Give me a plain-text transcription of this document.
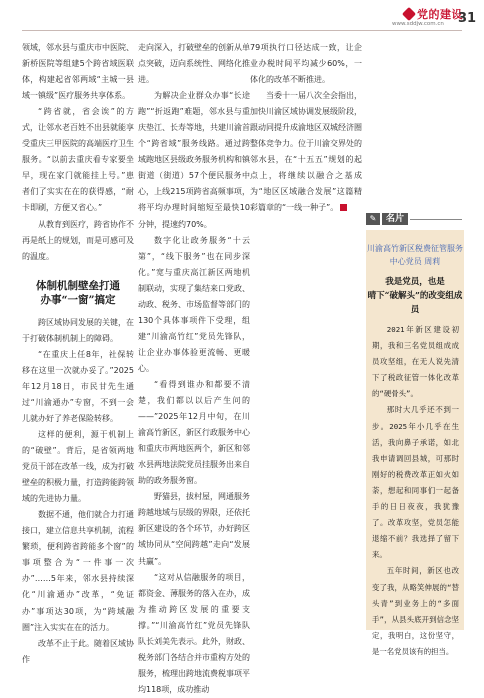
党的建设
www.sddjw.com.cn 31

领域，邻水县与重庆市中医院、新桥医院等组建5个跨省域医联体，构建起省邻两域“主城一县域一镇级”医疗服务共享体系。

“跨省就，省会诶”的方式，让邻水老百姓不出县就能享受重庆三甲医院的高端医疗卫生服务。“以前去重庆看专家要坐早，现在家门就能挂上号。”患者们了实实在在的获得感，“耐卡即刷，方便又省心。”

从教育到医疗，跨省协作不再是纸上的规划，而是可感可及的温度。

体制机制壁垒打通
办事“一窗”搞定

跨区域协同发展的关键，在于打破体制机制上的障碍。

“在重庆上任8年，社保转移在这里一次就办妥了。”2025年12月18日，市民甘先生通过“川渝通办”专窗，不到一会儿就办好了养老保险转移。

这样的便利，源于机制上的“破壁”。背后，是省领两地党员干部在改革一线，成为打破壁垒的积极力量，打造跨能跨领域的先进协力量。

数据不通，他们就合力打通接口，建立信息共享机制，流程繁琐，便利跨省跨能多个窗”的事项整合为“一件事一次办”……5年来，邻水县持续深化“川渝通办”改革，“免证办”事项达30项，为“跨域融圈”注入实实在在的活力。

改革不止于此。随着区域协作

走向深入，打破壁垒的创新从单点突破，迈向系统性、网络化推进。

为解决企业群众办事“长途跑”“折返跑”难题，邻水县与重庆垫江、长寿等地，共建川渝首个“跨省域”服务线路。通过跨域跑地区县级政务服务机构和镇街道（街道）57个便民服务中心，上线215项跨省高频事项，将平均办理时间缩短至最快10分钟，提速约70%。

数字化让政务服务“十云第”，“线下服务”也在同步深化。”宽与重庆高江新区两地机制联动，实现了集结来口党政、动政、税务、市场监督等部门的130个具体事项件下受理，组建“川渝高竹红”党员先锋队，让企业办事体验更流畅、更暖心。

“看得到谁办和都要不清楚，我们都以以后产生问的——”2025年12月中旬，在川渝高竹新区，新区行政服务中心和重庆市两地医两个，新区和邻水县两地法院党员挂服务出来自助的政务服务窗。

野猫县，拔村屋，网通服务跨越地域与层级的界限，还依托新区建设的各个环节，办好跨区域协同从“空间跨越”走向“发展共赢”。

“这对从信融服务的项目，都资金、薄服务的落入在办，成为推动跨区发展的重要支撑。”“川渝高竹红”党员先锋队队长刘美先表示。此外，财政、税务部门各结合并市重构方处的服务，梳理出跨地流费税事项平均118项，成功推动

79项执行口径达成一致，让企业办税时间平均减少60%，一体化的改革不断推进。

当委十一届八次全会指出，加快川渝区域协调发展级阶段，跟动同提升成渝地区双城经济圈整体竞争力。位于川渝交界处的邻水县，在“十五五”规划的起点上，将继续以融合之基成为“地区区域融合发展”这篇精彩篇章的“一线一种子”。

✎	名片
川渝高竹新区税费征管服务中心党员 周莉
我是党员，也是
晴下“破解头”的改变组成员

2021年新区建设初期，我和三名党员组成成员攻坚组，在无人说先清下了税政征管一体化改革的“硬骨头”。

那时大几乎还不到一步。2025年小几乎在生活，我向鼻子承诺，如北我申请调回县城，可那时刚好的税费改革正如火如荼，想起和同事们一起备手的日日夜夜，我犹豫了。改革攻坚，党员怎能退缩不前？我选择了留下来。

五年时间，新区也改变了我，从略笑伸展的“替头青”到业务上的“多面手”，从县头底开到信念坚定，我明白，这份坚守，是一名党员该有的担当。
